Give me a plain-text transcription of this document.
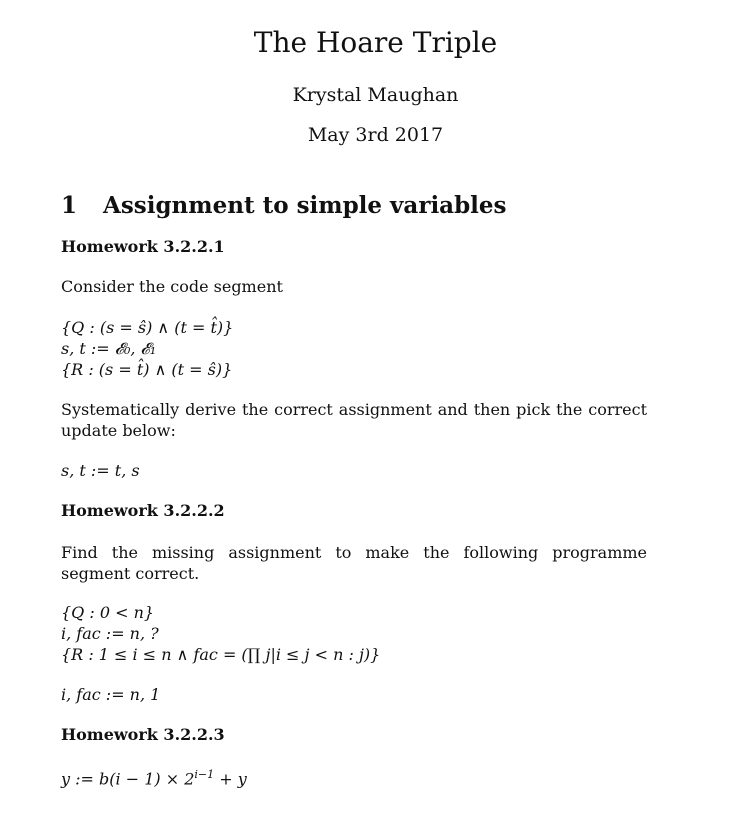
The Hoare Triple
Krystal Maughan
May 3rd 2017
1 Assignment to simple variables
Homework 3.2.2.1
Consider the code segment
{Q : (s = ŝ) ∧ (t = t̂)}
s, t := 𝓔₀, 𝓔₁
{R : (s = t̂) ∧ (t = ŝ)}
Systematically derive the correct assignment and then pick the correct update below:
s, t := t, s
Homework 3.2.2.2
Find the missing assignment to make the following programme segment correct.
{Q : 0 < n}
i, fac := n, ?
{R : 1 ≤ i ≤ n ∧ fac = (∏ j|i ≤ j < n : j)}
i, fac := n, 1
Homework 3.2.2.3
y := $b(i - 1) \times 2^{i-1} + y$
